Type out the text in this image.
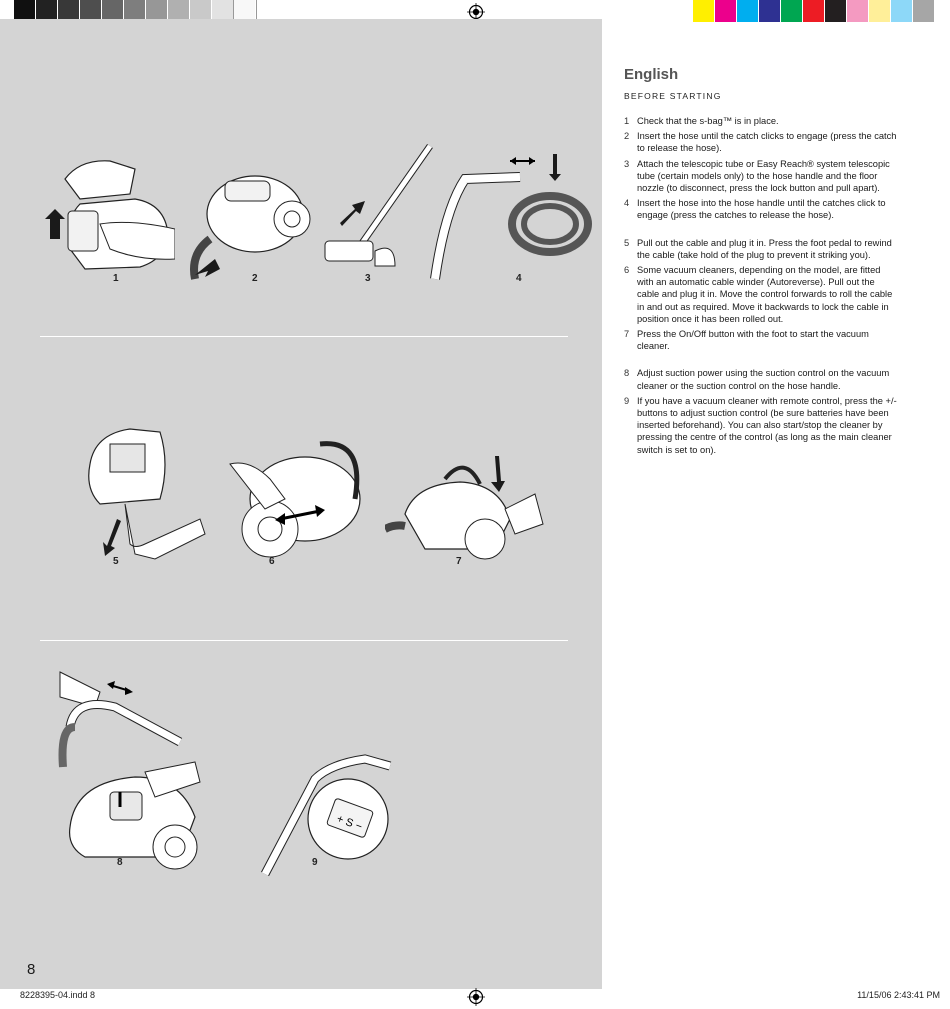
1	2	3	4
5	6	7
+ S −
8	9
8
English
BEFORE STARTING
1 Check that the s-bag™ is in place.
2 Insert the hose until the catch clicks to engage (press the catch to release the hose).
3 Attach the telescopic tube or Easy Reach® system telescopic tube (certain models only) to the hose handle and the floor nozzle (to disconnect, press the lock button and pull apart).
4 Insert the hose into the hose handle until the catches click to engage (press the catches to release the hose).
5 Pull out the cable and plug it in. Press the foot pedal to rewind the cable (take hold of the plug to prevent it striking you).
6 Some vacuum cleaners, depending on the model, are fitted with an automatic cable winder (Autoreverse). Pull out the cable and plug it in. Move the control forwards to roll the cable in and out as required. Move it backwards to lock the cable in position once it has been rolled out.
7 Press the On/Off button with the foot to start the vacuum cleaner.
8 Adjust suction power using the suction control on the vacuum cleaner or the suction control on the hose handle.
9 If you have a vacuum cleaner with remote control, press the +/- buttons to adjust suction control (be sure batteries have been inserted beforehand). You can also start/stop the cleaner by pressing the centre of the control (as long as the main cleaner switch is set to on).
8228395-04.indd 8	11/15/06 2:43:41 PM
